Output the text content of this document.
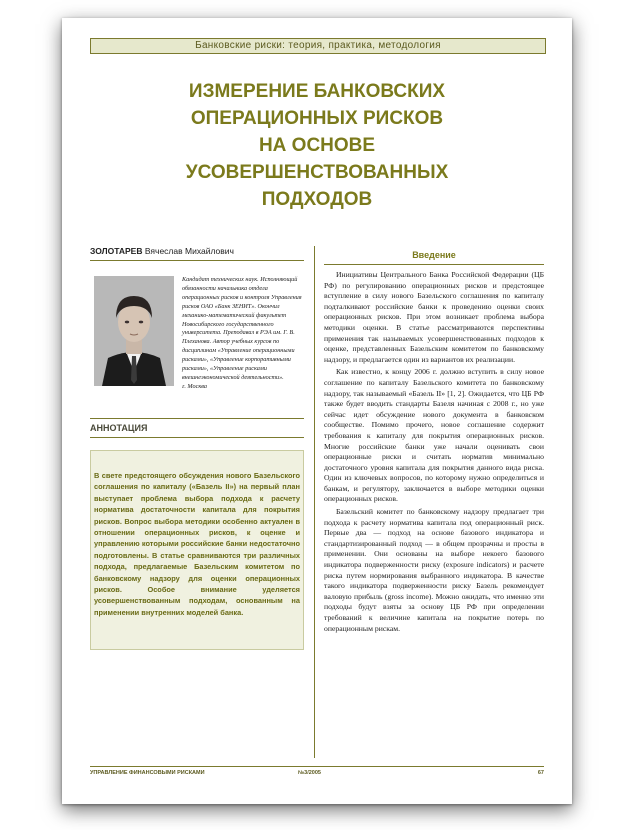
Банковские риски: теория, практика, методология
ИЗМЕРЕНИЕ БАНКОВСКИХ
ОПЕРАЦИОННЫХ РИСКОВ
НА ОСНОВЕ
УСОВЕРШЕНСТВОВАННЫХ
ПОДХОДОВ
ЗОЛОТАРЕВ Вячеслав Михайлович
Кандидат технических наук. Исполняющий обязанности начальника отдела операционных рисков и контроля Управления рисков ОАО «Банк ЗЕНИТ». Окончил механико-математический факультет Новосибирского государственного университета. Преподавал в РЭА им. Г. В. Плеханова. Автор учебных курсов по дисциплинам «Управление операционными рисками», «Управление корпоративными рисками», «Управление рисками внешнеэкономической деятельности».
г. Москва
АННОТАЦИЯ
В свете предстоящего обсуждения нового Базельского соглашения по капиталу («Базель II») на первый план выступает проблема выбора подхода к расчету норматива достаточности капитала для покрытия рисков. Вопрос выбора методики особенно актуален в отношении операционных рисков, к оценке и управлению которыми российские банки недостаточно подготовлены. В статье сравниваются три различных подхода, предлагаемые Базельским комитетом по банковскому надзору для оценки операционных рисков. Особое внимание уделяется усовершенствованным подходам, основанным на применении внутренних моделей банка.
Введение

Инициативы Центрального Банка Российской Федерации (ЦБ РФ) по регулированию операционных рисков и предстоящее вступление в силу нового Базельского соглашения по капиталу подталкивают российские банки к проведению оценки своих операционных рисков. При этом возникает проблема выбора методики оценки. В статье рассматриваются перспективы применения так называемых усовершенствованных подходов к оценке, представленных Базельским комитетом по банковскому надзору, и предлагается один из вариантов их реализации.

Как известно, к концу 2006 г. должно вступить в силу новое соглашение по капиталу Базельского комитета по банковскому надзору, так называемый «Базель II» [1, 2]. Ожидается, что ЦБ РФ также будет вводить стандарты Базеля начиная с 2008 г., но уже сейчас идет обсуждение нового документа в банковском сообществе. Помимо прочего, новое соглашение содержит требования к капиталу для покрытия операционных рисков. Многие российские банки уже начали оценивать свои операционные риски и считать норматив минимально достаточного уровня капитала для покрытия данного вида риска. Один из ключевых вопросов, по которому нужно определиться и банкам, и регулятору, заключается в выборе методики оценки операционных рисков.

Базельский комитет по банковскому надзору предлагает три подхода к расчету норматива капитала под операционный риск. Первые два — подход на основе базового индикатора и стандартизированный подход — в общем прозрачны и просты в применении. Они основаны на выборе некоего базового индикатора подверженности риску (exposure indicators) и расчете риска путем нормирования выбранного индикатора. В качестве такого индикатора подверженности риску Базель рекомендует валовую прибыль (gross income). Можно ожидать, что именно эти подходы будут взяты за основу ЦБ РФ при определении требований к величине капитала на покрытие потерь по операционным рискам.

УПРАВЛЕНИЕ ФИНАНСОВЫМИ РИСКАМИ	№3/2005	67
